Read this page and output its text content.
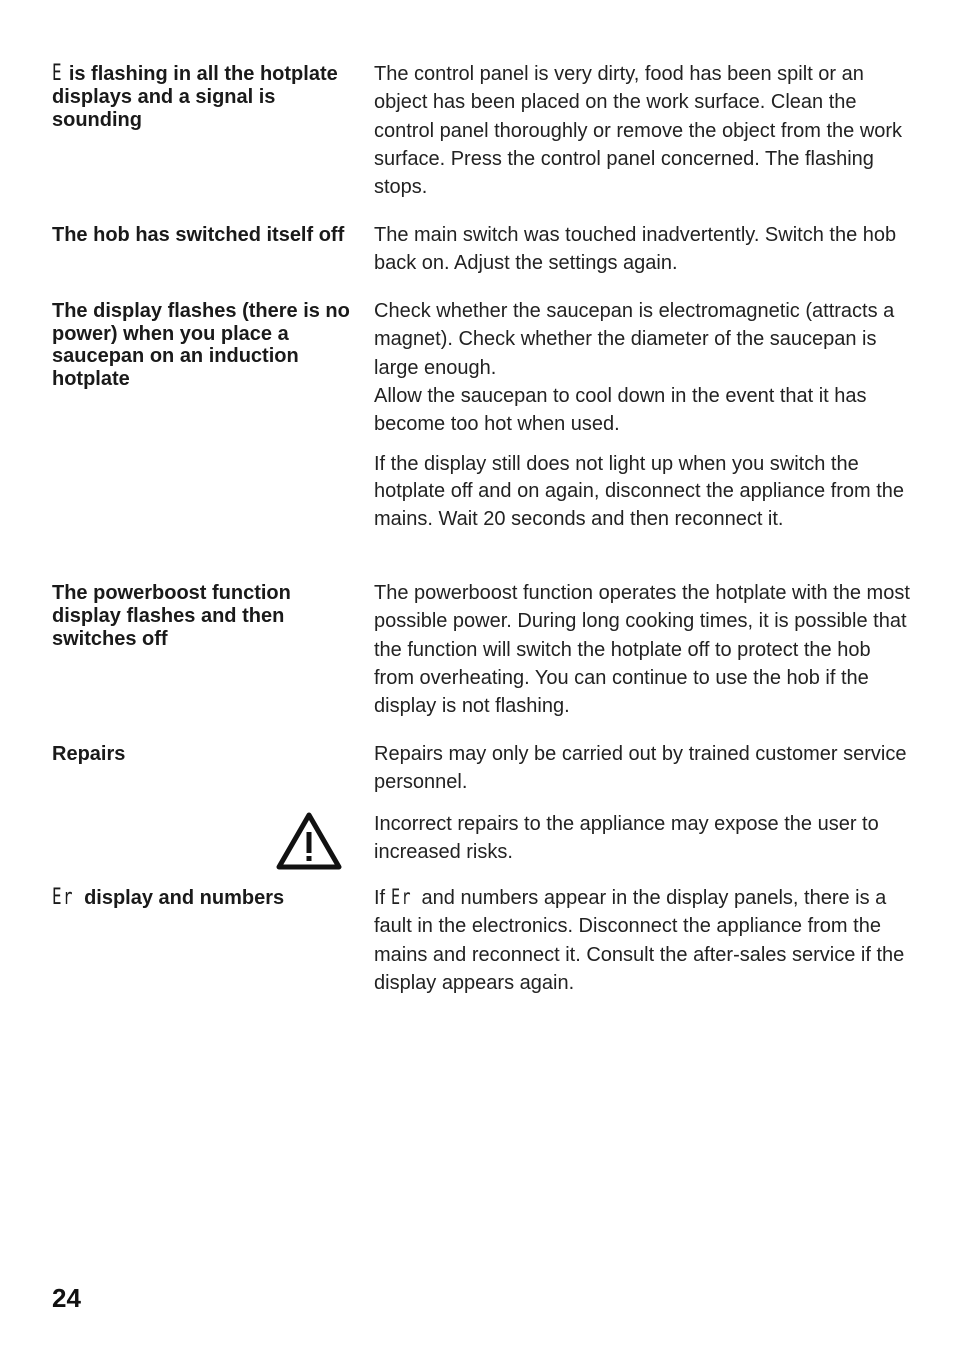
E is flashing in all the hotplate displays and a signal is sounding
The control panel is very dirty, food has been spilt or an object has been placed on the work surface. Clean the control panel thoroughly or remove the object from the work surface. Press the control panel concerned. The flashing stops.
The hob has switched itself off The main switch was touched inadvertently. Switch the hob back on. Adjust the settings again.
The display flashes (there is no power) when you place a saucepan on an induction hotplate
Check whether the saucepan is electromagnetic (attracts a magnet). Check whether the diameter of the saucepan is large enough.
Allow the saucepan to cool down in the event that it has become too hot when used.
If the display still does not light up when you switch the hotplate off and on again, disconnect the appliance from the mains. Wait 20 seconds and then reconnect it.
The powerboost function display flashes and then switches off
The powerboost function operates the hotplate with the most possible power. During long cooking times, it is possible that the function will switch the hotplate off to protect the hob from overheating. You can continue to use the hob if the display is not flashing.
Repairs	Repairs may only be carried out by trained customer service personnel.
Incorrect repairs to the appliance may expose the user to increased risks.
Er display and numbers	If Er and numbers appear in the display panels, there is a fault in the electronics. Disconnect the appliance from the mains and reconnect it. Consult the after-sales service if the display appears again.
24
